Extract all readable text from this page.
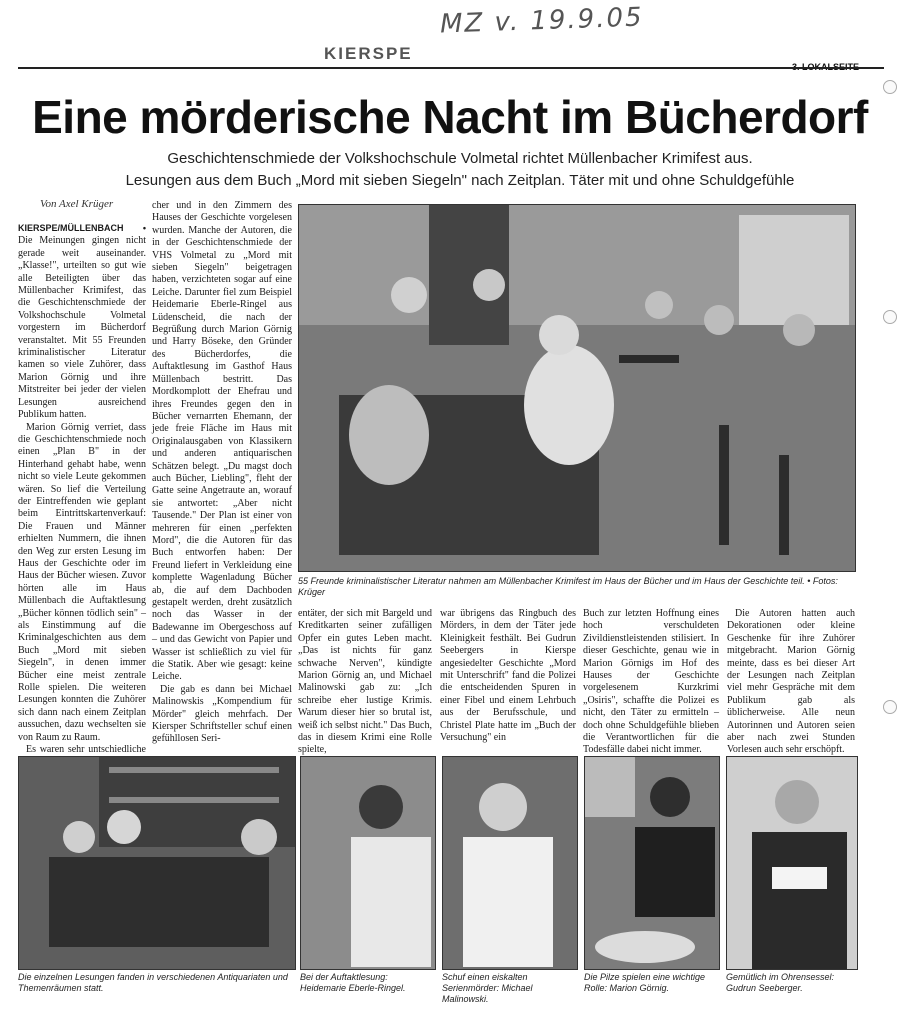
MZ v. 19.9.05
KIERSPE
3. LOKALSEITE
Eine mörderische Nacht im Bücherdorf
Geschichtenschmiede der Volkshochschule Volmetal richtet Müllenbacher Krimifest aus.
Lesungen aus dem Buch „Mord mit sieben Siegeln" nach Zeitplan. Täter mit und ohne Schuldgefühle
Von Axel Krüger

KIERSPE/MÜLLENBACH • Die Meinungen gingen nicht gerade weit auseinander. „Klasse!", urteilten so gut wie alle Beteiligten über das Müllenbacher Krimifest, das die Geschichtenschmiede der Volkshochschule Volmetal vorgestern im Bücherdorf veranstaltet. Mit 55 Freunden kriminalistischer Literatur kamen so viele Zuhörer, dass Marion Görnig und ihre Mitstreiter bei jeder der vielen Lesungen ausreichend Publikum hatten.

Marion Görnig verriet, dass die Geschichtenschmiede noch einen „Plan B" in der Hinterhand gehabt habe, wenn nicht so viele Leute gekommen wären. So lief die Verteilung der Eintreffenden wie geplant beim Eintrittskartenverkauf: Die Frauen und Männer erhielten Nummern, die ihnen den Weg zur ersten Lesung im Haus der Geschichte oder im Haus der Bücher wiesen. Zuvor hörten alle im Haus Müllenbach die Auftaktlesung „Bücher können tödlich sein" – als Einstimmung auf die Kriminalgeschichten aus dem Buch „Mord mit sieben Siegeln", in denen immer Bücher eine meist zentrale Rolle spielen. Die weiteren Lesungen konnten die Zuhörer sich dann nach einem Zeitplan aussuchen, dazu wechselten sie von Raum zu Raum.

Es waren sehr untschiedliche

cher und in den Zimmern des Hauses der Geschichte vorgelesen wurden. Manche der Autoren, die in der Geschichtenschmiede der VHS Volmetal zu „Mord mit sieben Siegeln" beigetragen haben, verzichteten sogar auf eine Leiche. Darunter fiel zum Beispiel Heidemarie Eberle-Ringel aus Lüdenscheid, die nach der Begrüßung durch Marion Görnig und Harry Böseke, den Gründer des Bücherdorfes, die Auftaktlesung im Gasthof Haus Müllenbach bestritt. Das Mordkomplott der Ehefrau und ihres Freundes gegen den in Bücher vernarrten Ehemann, der jede freie Fläche im Haus mit Originalausgaben von Klassikern und anderen antiquarischen Schätzen belegt. „Du magst doch auch Bücher, Liebling", fleht der Gatte seine Angetraute an, worauf sie antwortet: „Aber nicht Tausende." Der Plan ist einer von mehreren für einen „perfekten Mord", die die Autoren für das Buch entworfen haben: Der Freund liefert in Verkleidung eine komplette Wagenladung Bücher ab, die auf dem Dachboden gestapelt werden, dreht zusätzlich noch das Wasser in der Badewanne im Obergeschoss auf – und das Gewicht von Papier und Wasser ist schließlich zu viel für die Statik. Aber wie gesagt: keine Leiche.

Die gab es dann bei Michael Malinowskis „Kompendium für Mörder" gleich mehrfach. Der Kiersper Schriftsteller schuf einen gefühllosen Seri-

55 Freunde kriminalistischer Literatur nahmen am Müllenbacher Krimifest im Haus der Bücher und im Haus der Geschichte teil. • Fotos: Krüger

entäter, der sich mit Bargeld und Kreditkarten seiner zufälligen Opfer ein gutes Leben macht. „Das ist nichts für ganz schwache Nerven", kündigte Marion Görnig an, und Michael Malinowski gab zu: „Ich schreibe eher lustige Krimis. Warum dieser hier so brutal ist, weiß ich selbst nicht." Das Buch, das in diesem Krimi eine Rolle spielte,

war übrigens das Ringbuch des Mörders, in dem der Täter jede Kleinigkeit festhält. Bei Gudrun Seebergers in Kierspe angesiedelter Geschichte „Mord mit Unterschrift" fand die Polizei die entscheidenden Spuren in einer Fibel und einem Lehrbuch aus der Berufsschule, und Christel Plate hatte im „Buch der Versuchung" ein

Buch zur letzten Hoffnung eines hoch verschuldeten Zivildienstleistenden stilisiert. In dieser Geschichte, genau wie in Marion Görnigs im Hof des Hauses der Geschichte vorgelesenem Kurzkrimi „Osiris", schaffte die Polizei es nicht, den Täter zu ermitteln – doch ohne Schuldgefühle blieben die Verantwortlichen für die Todesfälle dabei nicht immer.

Die Autoren hatten auch Dekorationen oder kleine Geschenke für ihre Zuhörer mitgebracht. Marion Görnig meinte, dass es bei dieser Art der Lesungen nach Zeitplan viel mehr Gespräche mit dem Publikum gab als üblicherweise. Alle neun Autorinnen und Autoren seien aber nach zwei Stunden Vorlesen auch sehr erschöpft.

Die einzelnen Lesungen fanden in verschiedenen Antiquariaten und Themenräumen statt.
Bei der Auftaktlesung: Heidemarie Eberle-Ringel.
Schuf einen eiskalten Serienmörder: Michael Malinowski.
Die Pilze spielen eine wichtige Rolle: Marion Görnig.
Gemütlich im Ohrensessel: Gudrun Seeberger.
